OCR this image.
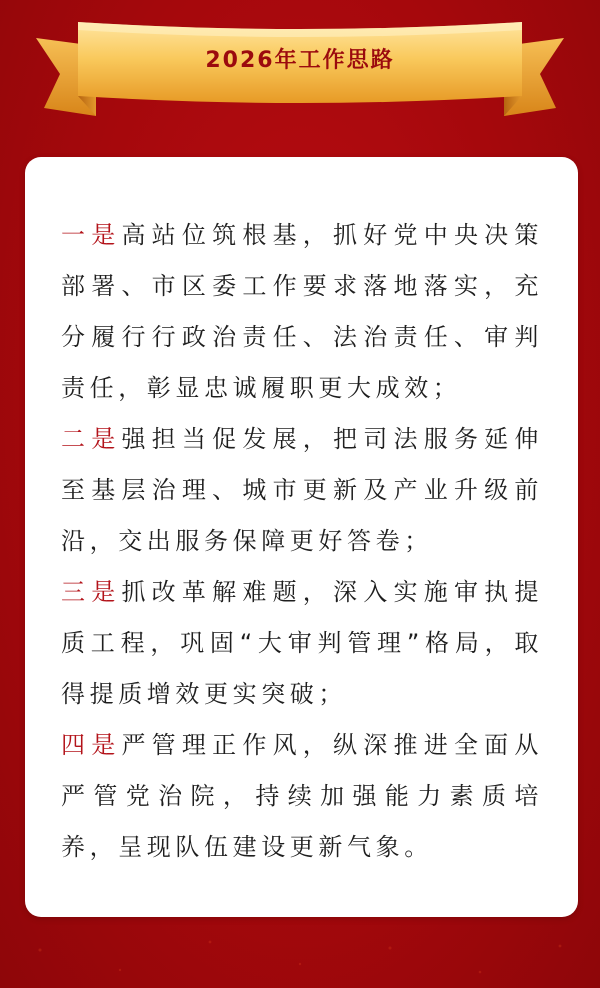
2026年工作思路

一是高站位筑根基，抓好党中央决策部署、市区委工作要求落地落实，充分履行行政治责任、法治责任、审判责任，彰显忠诚履职更大成效；

二是强担当促发展，把司法服务延伸至基层治理、城市更新及产业升级前沿，交出服务保障更好答卷；

三是抓改革解难题，深入实施审执提质工程，巩固“大审判管理”格局，取得提质增效更实突破；

四是严管理正作风，纵深推进全面从严管党治院，持续加强能力素质培养，呈现队伍建设更新气象。
